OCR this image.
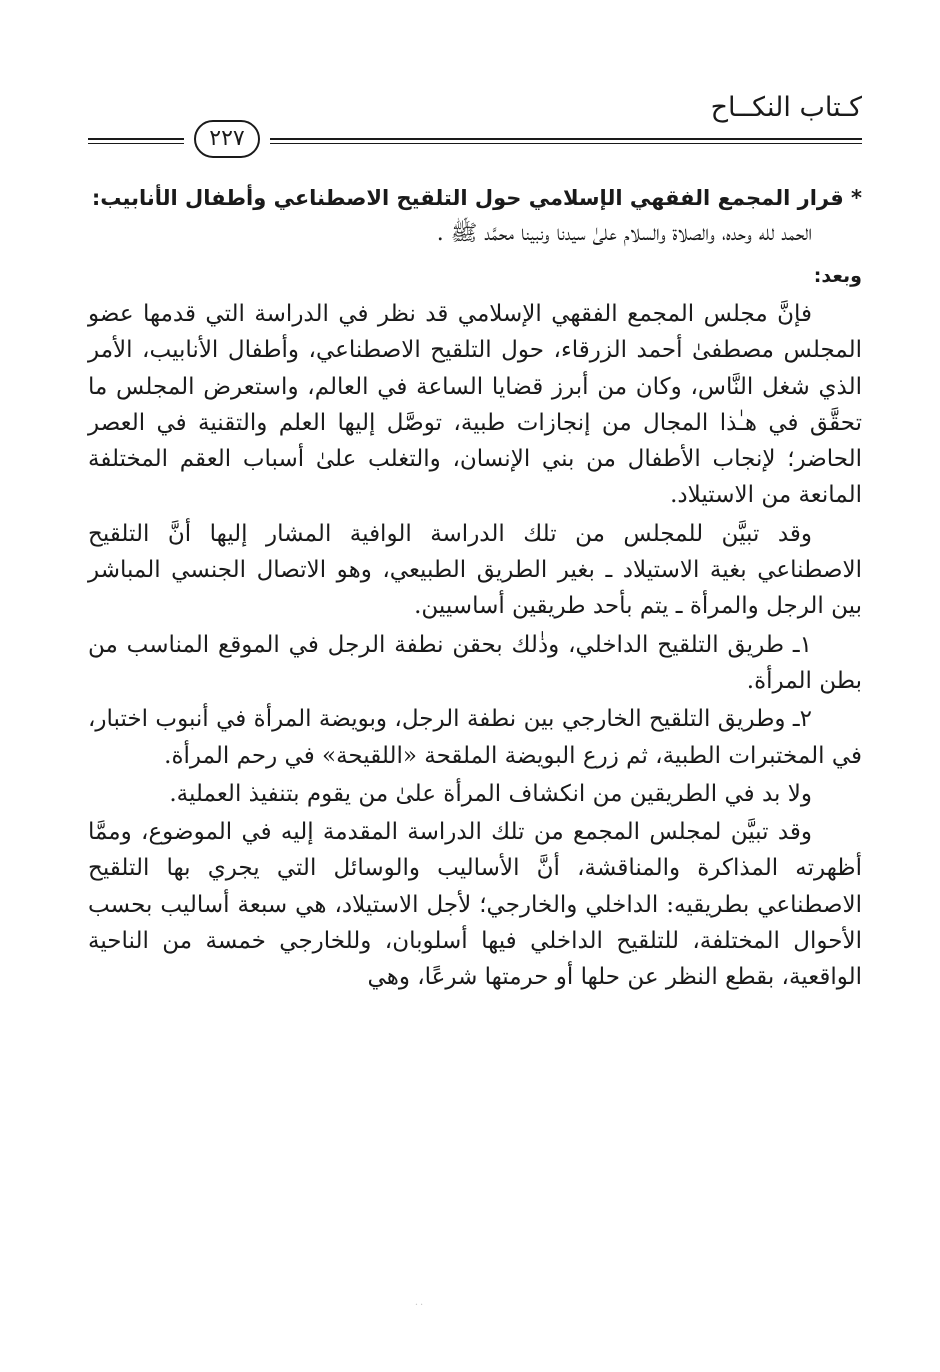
كـتاب النكــاح
٢٢٧
* قرار المجمع الفقهي الإسلامي حول التلقيح الاصطناعي وأطفال الأنابيب:
الحمد لله وحده، والصلاة والسلام علىٰ سيدنا ونبينا محمَّد ﷺ .
وبعد:

فإنَّ مجلس المجمع الفقهي الإسلامي قد نظر في الدراسة التي قدمها عضو المجلس مصطفىٰ أحمد الزرقاء، حول التلقيح الاصطناعي، وأطفال الأنابيب، الأمر الذي شغل النَّاس، وكان من أبرز قضايا الساعة في العالم، واستعرض المجلس ما تحقَّق في هـٰذا المجال من إنجازات طبية، توصَّل إليها العلم والتقنية في العصر الحاضر؛ لإنجاب الأطفال من بني الإنسان، والتغلب علىٰ أسباب العقم المختلفة المانعة من الاستيلاد.

وقد تبيَّن للمجلس من تلك الدراسة الوافية المشار إليها أنَّ التلقيح الاصطناعي بغية الاستيلاد ـ بغير الطريق الطبيعي، وهو الاتصال الجنسي المباشر بين الرجل والمرأة ـ يتم بأحد طريقين أساسيين.

١ـ طريق التلقيح الداخلي، وذٰلك بحقن نطفة الرجل في الموقع المناسب من بطن المرأة.

٢ـ وطريق التلقيح الخارجي بين نطفة الرجل، وبويضة المرأة في أنبوب اختبار، في المختبرات الطبية، ثم زرع البويضة الملقحة «اللقيحة» في رحم المرأة.

ولا بد في الطريقين من انكشاف المرأة علىٰ من يقوم بتنفيذ العملية.

وقد تبيَّن لمجلس المجمع من تلك الدراسة المقدمة إليه في الموضوع، وممَّا أظهرته المذاكرة والمناقشة، أنَّ الأساليب والوسائل التي يجري بها التلقيح الاصطناعي بطريقيه: الداخلي والخارجي؛ لأجل الاستيلاد، هي سبعة أساليب بحسب الأحوال المختلفة، للتلقيح الداخلي فيها أسلوبان، وللخارجي خمسة من الناحية الواقعية، بقطع النظر عن حلها أو حرمتها شرعًا، وهي

··
